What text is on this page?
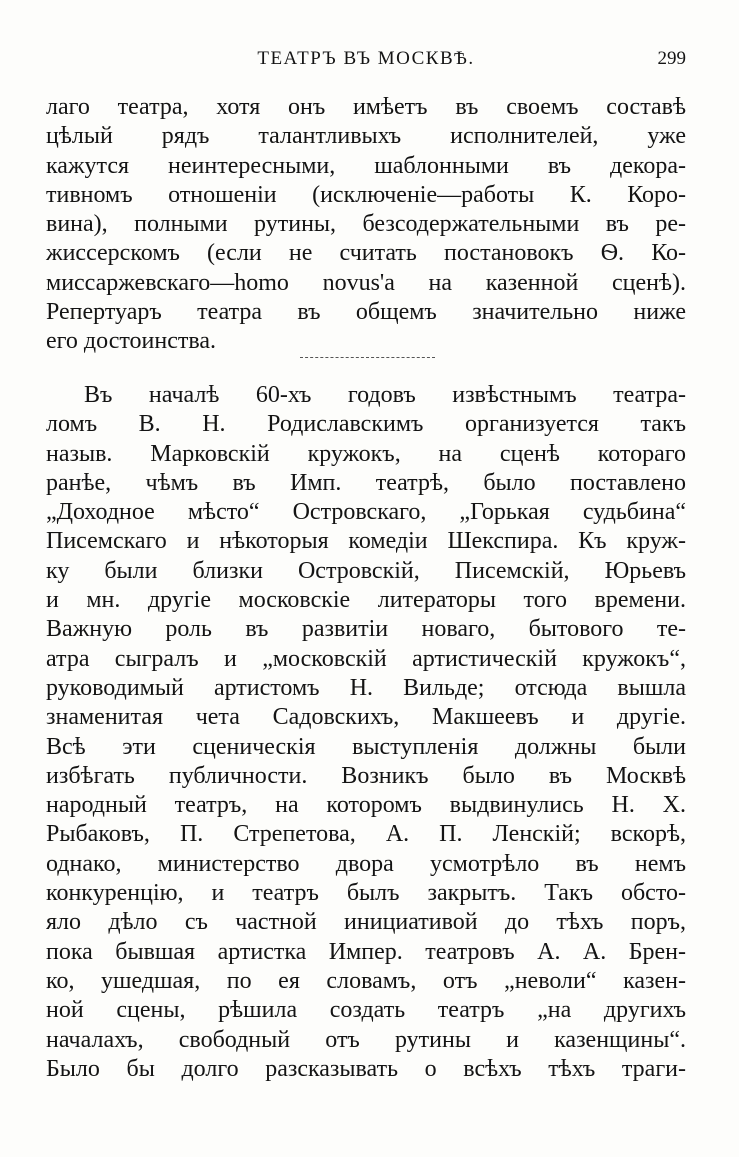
ТЕАТРЪ ВЪ МОСКВѢ.	299
лаго театра, хотя онъ имѣетъ въ своемъ составѣ
цѣлый рядъ талантливыхъ исполнителей, уже
кажутся неинтересными, шаблонными въ декора-
тивномъ отношенiи (исключенiе—работы К. Коро-
вина), полными рутины, безсодержательными въ ре-
жиссерскомъ (если не считать постановокъ Ѳ. Ко-
миссаржевскаго—homo novus'а на казенной сценѣ).
Репертуаръ театра въ общемъ значительно ниже
его достоинства.
Въ началѣ 60-хъ годовъ извѣстнымъ театра-
ломъ В. Н. Родиславскимъ организуется такъ
назыв. Марковскiй кружокъ, на сценѣ котораго
ранѣе, чѣмъ въ Имп. театрѣ, было поставлено
„Доходное мѣсто“ Островскаго, „Горькая судьбина“
Писемскаго и нѣкоторыя комедiи Шекспира. Къ круж-
ку были близки Островскiй, Писемскiй, Юрьевъ
и мн. другiе московскiе литераторы того времени.
Важную роль въ развитiи новаго, бытового те-
атра сыгралъ и „московскiй артистическiй кружокъ“,
руководимый артистомъ Н. Вильде; отсюда вышла
знаменитая чета Садовскихъ, Макшеевъ и другiе.
Всѣ эти сценическiя выступленiя должны были
избѣгать публичности. Возникъ было въ Москвѣ
народный театръ, на которомъ выдвинулись Н. Х.
Рыбаковъ, П. Стрепетова, А. П. Ленскiй; вскорѣ,
однако, министерство двора усмотрѣло въ немъ
конкуренцiю, и театръ былъ закрытъ. Такъ обсто-
яло дѣло съ частной инициативой до тѣхъ поръ,
пока бывшая артистка Импер. театровъ А. А. Брен-
ко, ушедшая, по ея словамъ, отъ „неволи“ казен-
ной сцены, рѣшила создать театръ „на другихъ
началахъ, свободный отъ рутины и казенщины“.
Было бы долго разсказывать о всѣхъ тѣхъ траги-
